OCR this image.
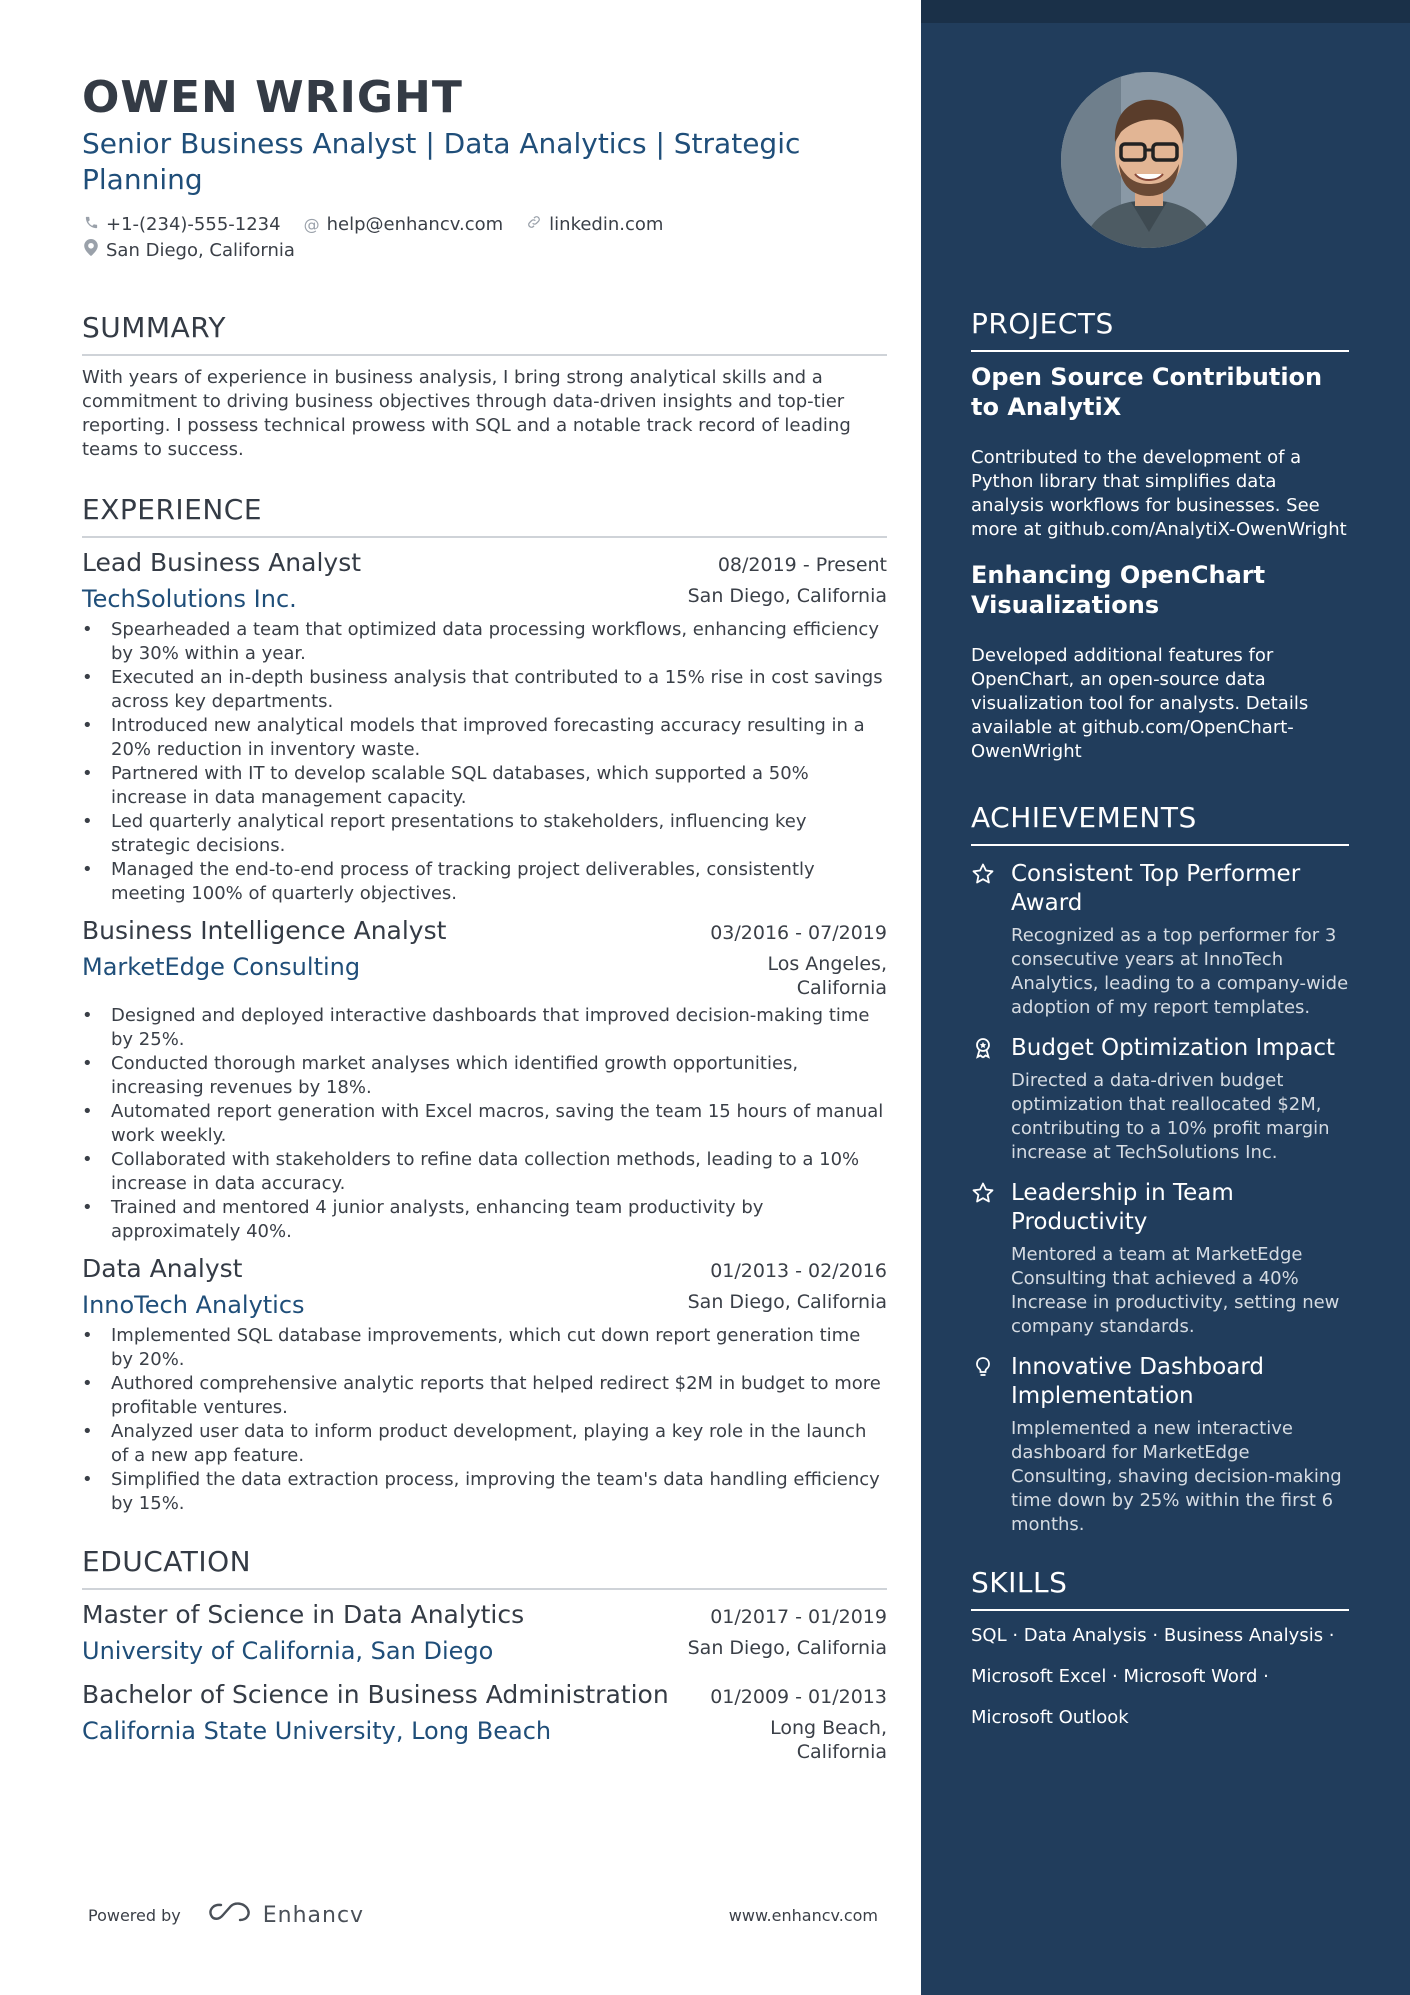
OWEN WRIGHT
Senior Business Analyst | Data Analytics | Strategic Planning
+1-(234)-555-1234 @ help@enhancv.com	linkedin.com
San Diego, California
SUMMARY
With years of experience in business analysis, I bring strong analytical skills and a commitment to driving business objectives through data-driven insights and top-tier reporting. I possess technical prowess with SQL and a notable track record of leading teams to success.
EXPERIENCE
Lead Business Analyst	08/2019 - Present
TechSolutions Inc.	San Diego, California
• Spearheaded a team that optimized data processing workflows, enhancing efficiency by 30% within a year.
• Executed an in-depth business analysis that contributed to a 15% rise in cost savings across key departments.
• Introduced new analytical models that improved forecasting accuracy resulting in a 20% reduction in inventory waste.
• Partnered with IT to develop scalable SQL databases, which supported a 50% increase in data management capacity.
• Led quarterly analytical report presentations to stakeholders, influencing key strategic decisions.
• Managed the end-to-end process of tracking project deliverables, consistently meeting 100% of quarterly objectives.
Business Intelligence Analyst	03/2016 - 07/2019
MarketEdge Consulting	Los Angeles,
California
• Designed and deployed interactive dashboards that improved decision-making time by 25%.
• Conducted thorough market analyses which identified growth opportunities, increasing revenues by 18%.
• Automated report generation with Excel macros, saving the team 15 hours of manual work weekly.
• Collaborated with stakeholders to refine data collection methods, leading to a 10% increase in data accuracy.
• Trained and mentored 4 junior analysts, enhancing team productivity by approximately 40%.
Data Analyst	01/2013 - 02/2016
InnoTech Analytics	San Diego, California
• Implemented SQL database improvements, which cut down report generation time by 20%.
• Authored comprehensive analytic reports that helped redirect $2M in budget to more profitable ventures.
• Analyzed user data to inform product development, playing a key role in the launch of a new app feature.
• Simplified the data extraction process, improving the team's data handling efficiency by 15%.
EDUCATION
Master of Science in Data Analytics	01/2017 - 01/2019
University of California, San Diego	San Diego, California
Bachelor of Science in Business Administration 01/2009 - 01/2013
California State University, Long Beach	Long Beach,
California
Powered by	Enhancv	www.enhancv.com
PROJECTS
Open Source Contribution to AnalytiX
Contributed to the development of a Python library that simplifies data analysis workflows for businesses. See more at github.com/AnalytiX-OwenWright
Enhancing OpenChart Visualizations
Developed additional features for OpenChart, an open-source data visualization tool for analysts. Details available at github.com/OpenChart-OwenWright
ACHIEVEMENTS
Consistent Top Performer Award
Recognized as a top performer for 3 consecutive years at InnoTech Analytics, leading to a company-wide adoption of my report templates.
Budget Optimization Impact
Directed a data-driven budget optimization that reallocated $2M, contributing to a 10% profit margin increase at TechSolutions Inc.
Leadership in Team Productivity
Mentored a team at MarketEdge Consulting that achieved a 40% Increase in productivity, setting new company standards.
Innovative Dashboard Implementation
Implemented a new interactive dashboard for MarketEdge Consulting, shaving decision-making time down by 25% within the first 6 months.
SKILLS
SQL · Data Analysis · Business Analysis ·
Microsoft Excel · Microsoft Word ·
Microsoft Outlook
